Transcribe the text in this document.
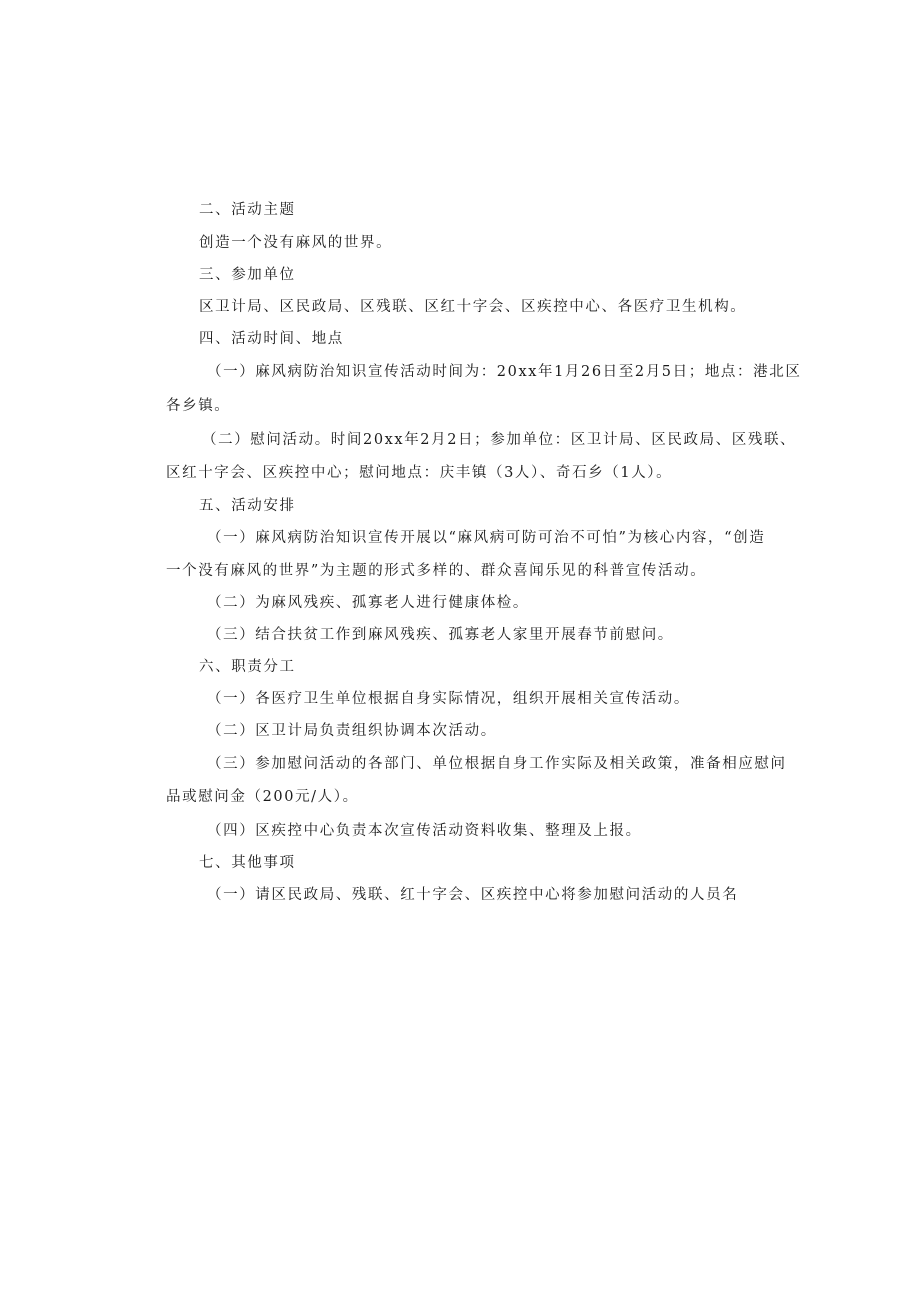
二、活动主题
创造一个没有麻风的世界。
三、参加单位
区卫计局、区民政局、区残联、区红十字会、区疾控中心、各医疗卫生机构。
四、活动时间、地点
（一）麻风病防治知识宣传活动时间为：20xx年1月26日至2月5日；地点：港北区
各乡镇。
（二）慰问活动。时间20xx年2月2日；参加单位：区卫计局、区民政局、区残联、
区红十字会、区疾控中心；慰问地点：庆丰镇（3人）、奇石乡（1人）。
五、活动安排
（一）麻风病防治知识宣传开展以“麻风病可防可治不可怕”为核心内容，“创造
一个没有麻风的世界”为主题的形式多样的、群众喜闻乐见的科普宣传活动。
（二）为麻风残疾、孤寡老人进行健康体检。
（三）结合扶贫工作到麻风残疾、孤寡老人家里开展春节前慰问。
六、职责分工
（一）各医疗卫生单位根据自身实际情况，组织开展相关宣传活动。
（二）区卫计局负责组织协调本次活动。
（三）参加慰问活动的各部门、单位根据自身工作实际及相关政策，准备相应慰问
品或慰问金（200元/人）。
（四）区疾控中心负责本次宣传活动资料收集、整理及上报。
七、其他事项
（一）请区民政局、残联、红十字会、区疾控中心将参加慰问活动的人员名
